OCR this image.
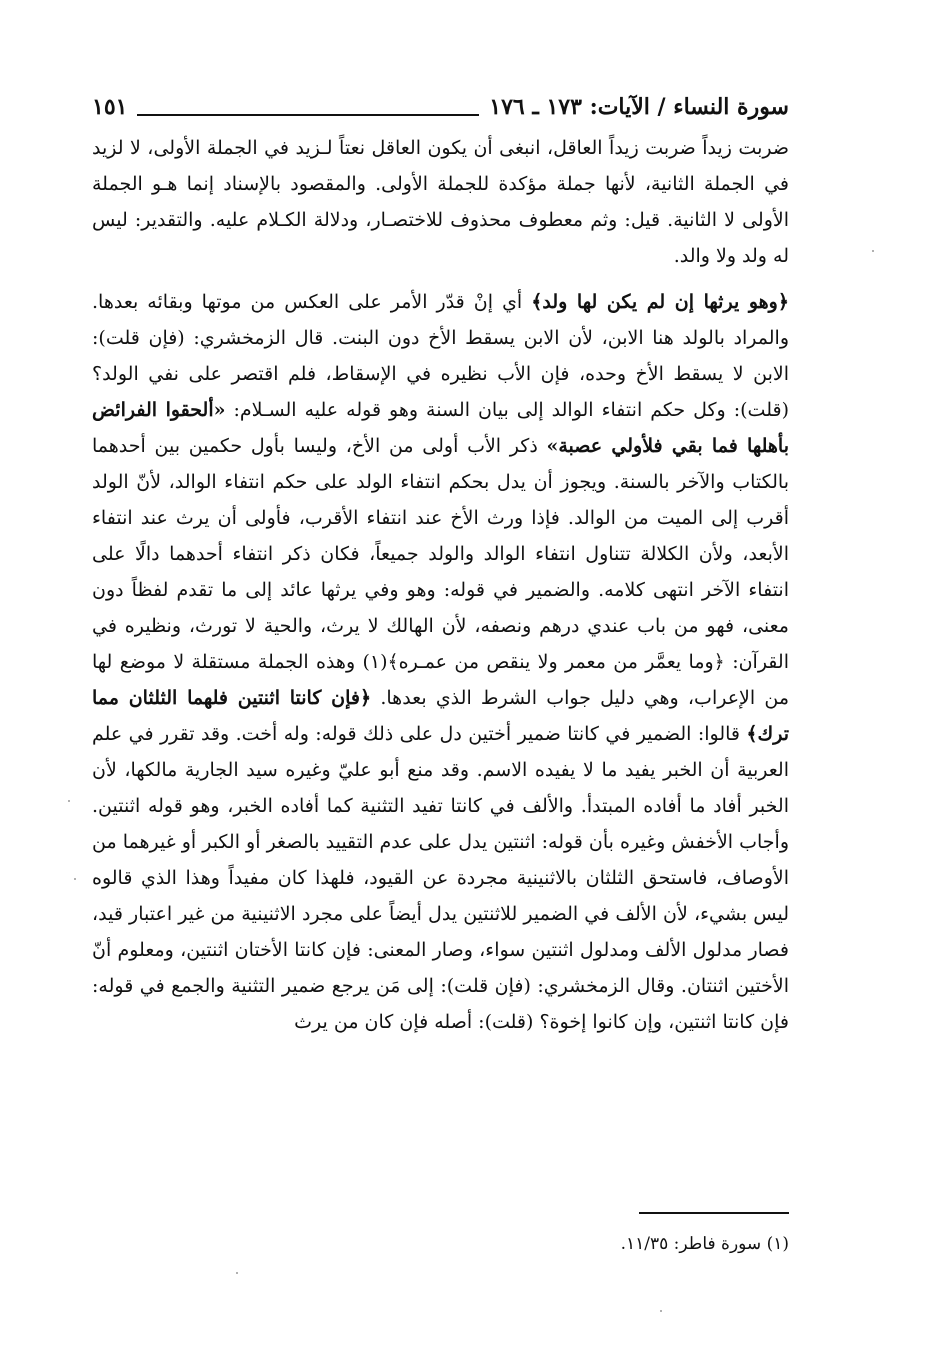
سورة النساء / الآيات: ١٧٣ ـ ١٧٦
١٥١

ضربت زيداً ضربت زيداً العاقل، انبغى أن يكون العاقل نعتاً لـزيد في الجملة الأولى، لا لزيد في الجملة الثانية، لأنها جملة مؤكدة للجملة الأولى. والمقصود بالإسناد إنما هـو الجملة الأولى لا الثانية. قيل: وثم معطوف محذوف للاختصـار، ودلالة الكـلام عليه. والتقدير: ليس له ولد ولا والد.

﴿وهو يرثها إن لم يكن لها ولد﴾ أي إنْ قدّر الأمر على العكس من موتها وبقائه بعدها. والمراد بالولد هنا الابن، لأن الابن يسقط الأخ دون البنت. قال الزمخشري: (فإن قلت): الابن لا يسقط الأخ وحده، فإن الأب نظيره في الإسقاط، فلم اقتصر على نفي الولد؟ (قلت): وكل حكم انتفاء الوالد إلى بيان السنة وهو قوله عليه السـلام: «ألحقوا الفرائض بأهلها فما بقي فلأولي عصبة» ذكر الأب أولى من الأخ، وليسا بأول حكمين بين أحدهما بالكتاب والآخر بالسنة. ويجوز أن يدل بحكم انتفاء الولد على حكم انتفاء الوالد، لأنّ الولد أقرب إلى الميت من الوالد. فإذا ورث الأخ عند انتفاء الأقرب، فأولى أن يرث عند انتفاء الأبعد، ولأن الكلالة تتناول انتفاء الوالد والولد جميعاً، فكان ذكر انتفاء أحدهما دالًا على انتفاء الآخر انتهى كلامه. والضمير في قوله: وهو وفي يرثها عائد إلى ما تقدم لفظاً دون معنى، فهو من باب عندي درهم ونصفه، لأن الهالك لا يرث، والحية لا تورث، ونظيره في القرآن: ﴿وما يعمَّر من معمر ولا ينقص من عمـره﴾(١) وهذه الجملة مستقلة لا موضع لها من الإعراب، وهي دليل جواب الشرط الذي بعدها. ﴿فإن كانتا اثنتين فلهما الثلثان مما ترك﴾ قالوا: الضمير في كانتا ضمير أختين دل على ذلك قوله: وله أخت. وقد تقرر في علم العربية أن الخبر يفيد ما لا يفيده الاسم. وقد منع أبو عليّ وغيره سيد الجارية مالكها، لأن الخبر أفاد ما أفاده المبتدأ. والألف في كانتا تفيد التثنية كما أفاده الخبر، وهو قوله اثنتين. وأجاب الأخفش وغيره بأن قوله: اثنتين يدل على عدم التقييد بالصغر أو الكبر أو غيرهما من الأوصاف، فاستحق الثلثان بالاثنينية مجردة عن القيود، فلهذا كان مفيداً وهذا الذي قالوه ليس بشيء، لأن الألف في الضمير للاثنتين يدل أيضاً على مجرد الاثنينية من غير اعتبار قيد، فصار مدلول الألف ومدلول اثنتين سواء، وصار المعنى: فإن كانتا الأختان اثنتين، ومعلوم أنّ الأختين اثنتان. وقال الزمخشري: (فإن قلت): إلى مَن يرجع ضمير التثنية والجمع في قوله: فإن كانتا اثنتين، وإن كانوا إخوة؟ (قلت): أصله فإن كان من يرث

(١) سورة فاطر: ١١/٣٥.
